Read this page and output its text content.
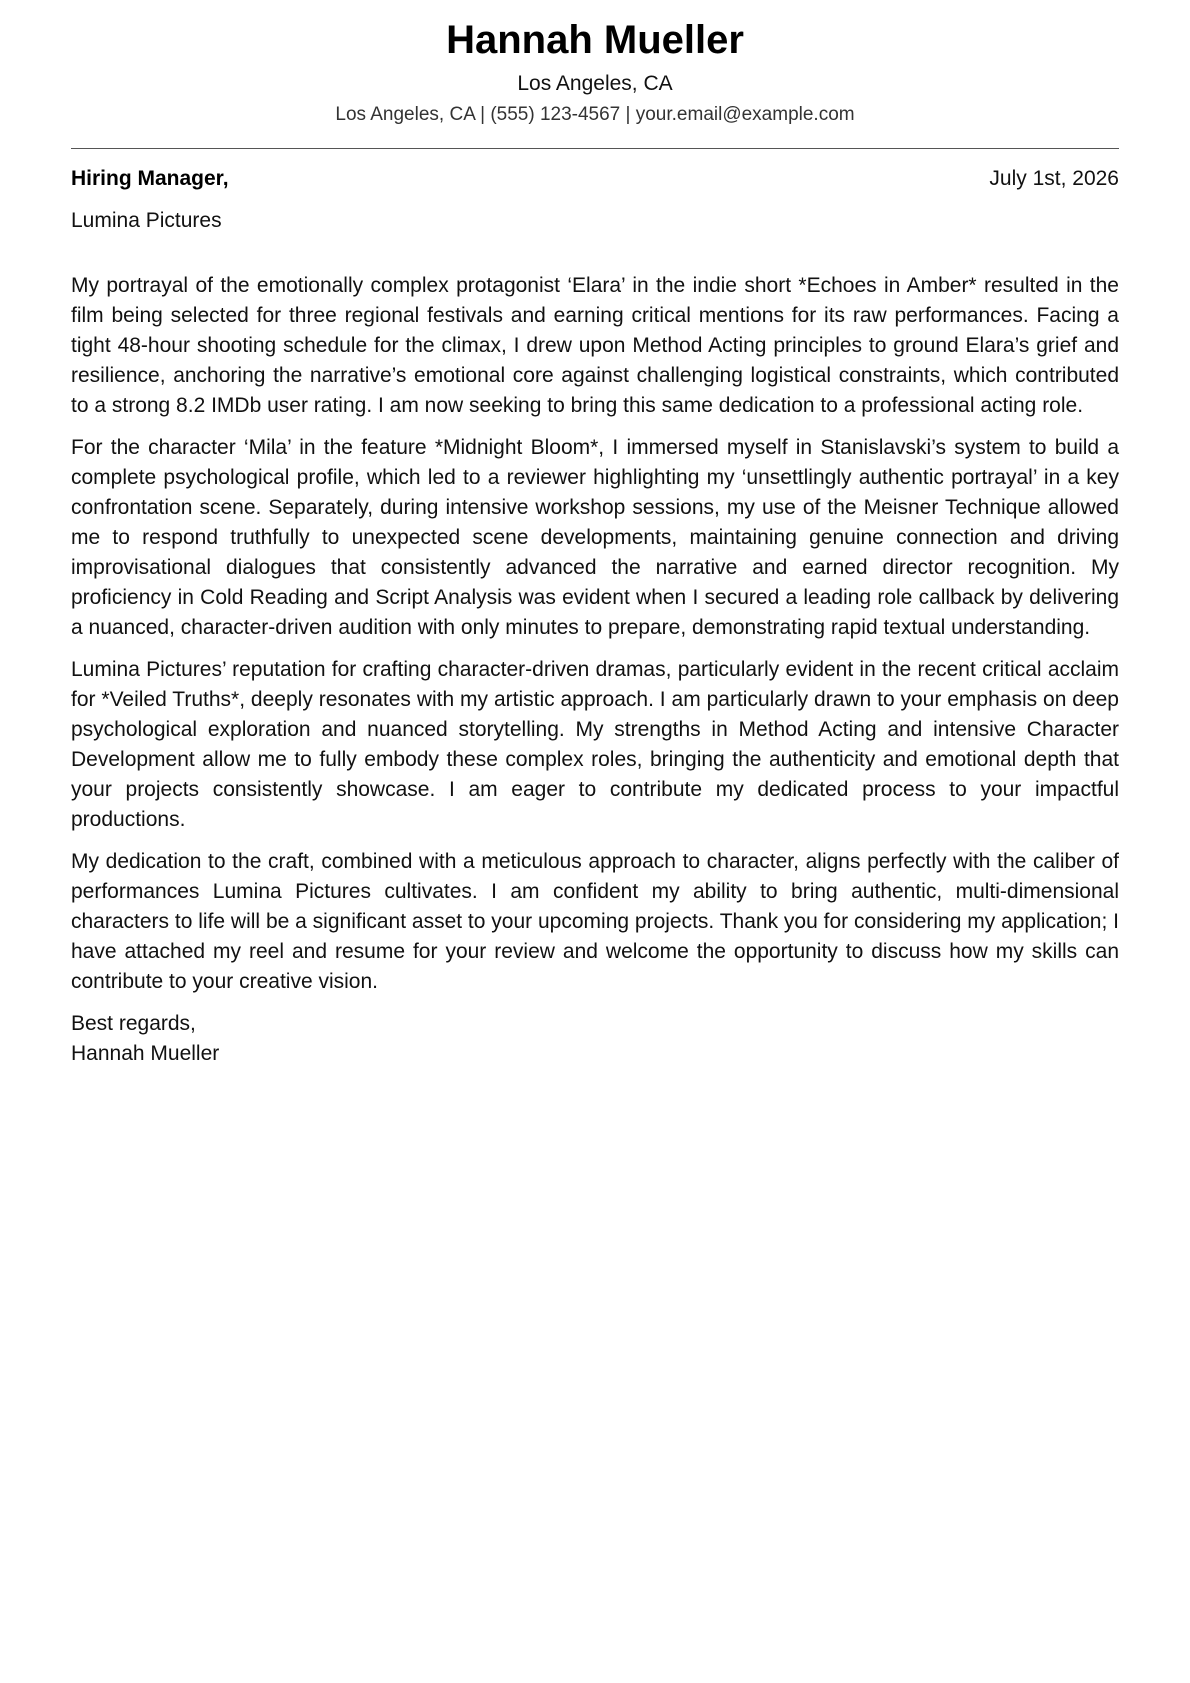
Hannah Mueller
Los Angeles, CA
Los Angeles, CA | (555) 123-4567 | your.email@example.com
Hiring Manager,	July 1st, 2026
Lumina Pictures

My portrayal of the emotionally complex protagonist ‘Elara’ in the indie short *Echoes in Amber* resulted in the film being selected for three regional festivals and earning critical mentions for its raw performances. Facing a tight 48-hour shooting schedule for the climax, I drew upon Method Acting principles to ground Elara’s grief and resilience, anchoring the narrative’s emotional core against challenging logistical constraints, which contributed to a strong 8.2 IMDb user rating. I am now seeking to bring this same dedication to a professional acting role.

For the character ‘Mila’ in the feature *Midnight Bloom*, I immersed myself in Stanislavski’s system to build a complete psychological profile, which led to a reviewer highlighting my ‘unsettlingly authentic portrayal’ in a key confrontation scene. Separately, during intensive workshop sessions, my use of the Meisner Technique allowed me to respond truthfully to unexpected scene developments, maintaining genuine connection and driving improvisational dialogues that consistently advanced the narrative and earned director recognition. My proficiency in Cold Reading and Script Analysis was evident when I secured a leading role callback by delivering a nuanced, character-driven audition with only minutes to prepare, demonstrating rapid textual understanding.

Lumina Pictures’ reputation for crafting character-driven dramas, particularly evident in the recent critical acclaim for *Veiled Truths*, deeply resonates with my artistic approach. I am particularly drawn to your emphasis on deep psychological exploration and nuanced storytelling. My strengths in Method Acting and intensive Character Development allow me to fully embody these complex roles, bringing the authenticity and emotional depth that your projects consistently showcase. I am eager to contribute my dedicated process to your impactful productions.

My dedication to the craft, combined with a meticulous approach to character, aligns perfectly with the caliber of performances Lumina Pictures cultivates. I am confident my ability to bring authentic, multi-dimensional characters to life will be a significant asset to your upcoming projects. Thank you for considering my application; I have attached my reel and resume for your review and welcome the opportunity to discuss how my skills can contribute to your creative vision.

Best regards,
Hannah Mueller
